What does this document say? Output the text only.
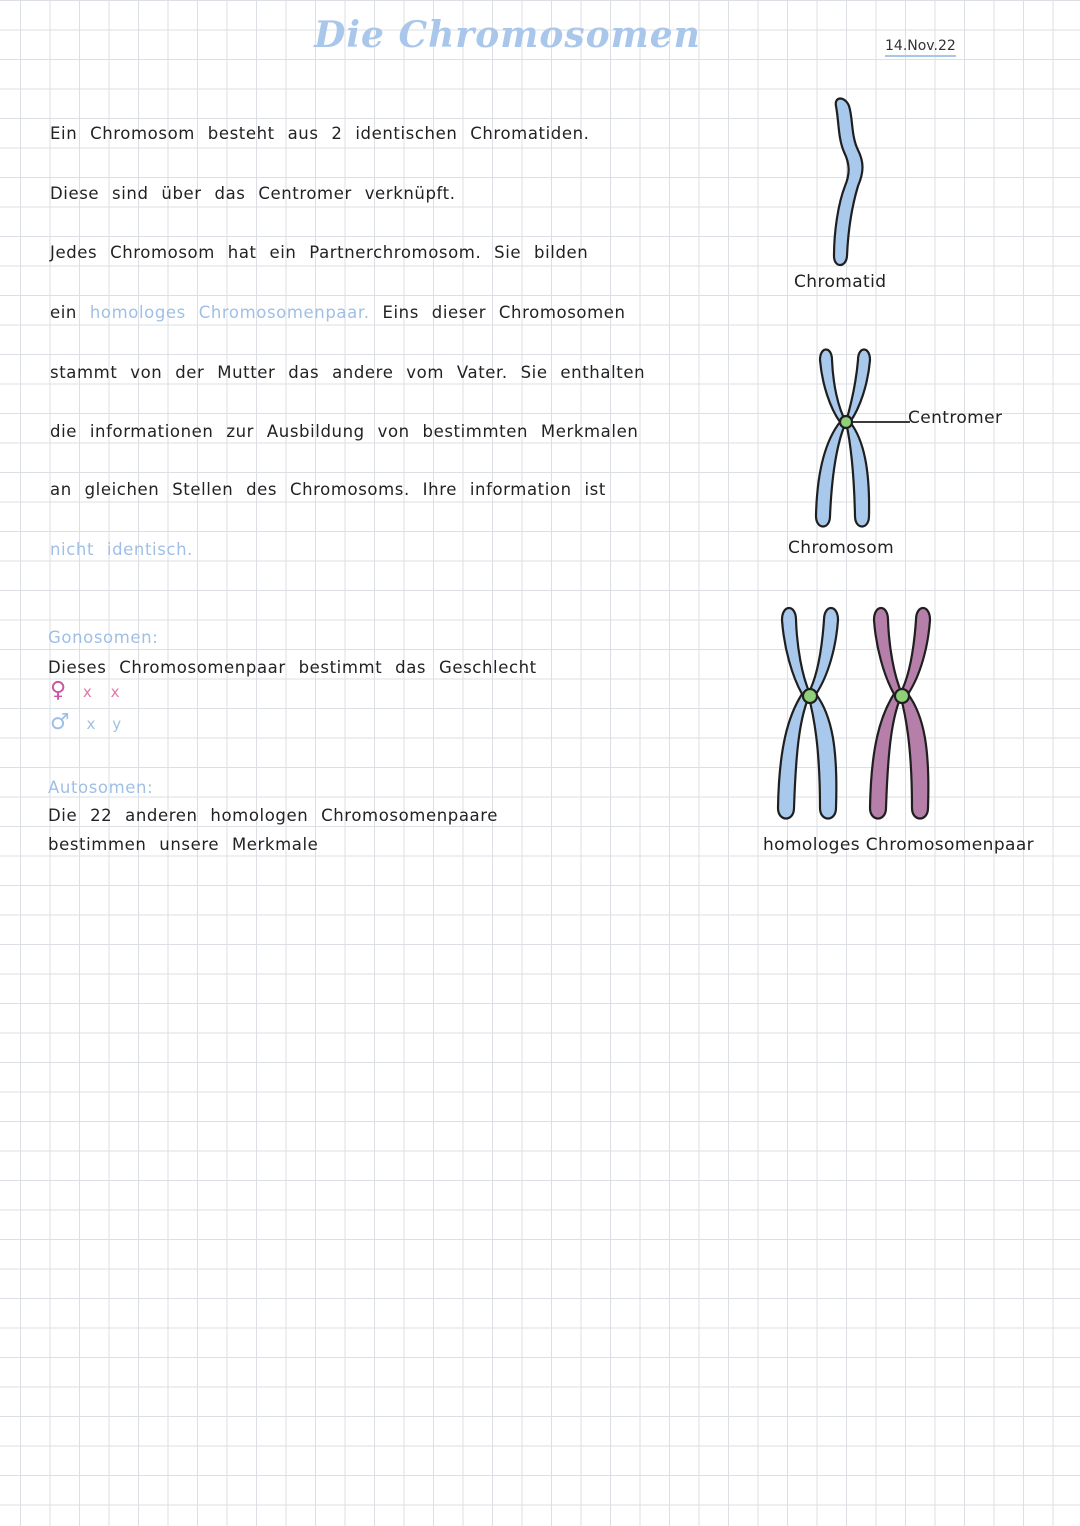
Die Chromosomen	14.Nov.22
Ein Chromosom besteht aus 2 identischen Chromatiden.
Diese sind über das Centromer verknüpft.
Jedes Chromosom hat ein Partnerchromosom. Sie bilden
ein homologes Chromosomenpaar. Eins dieser Chromosomen
stammt von der Mutter das andere vom Vater. Sie enthalten
die informationen zur Ausbildung von bestimmten Merkmalen
an gleichen Stellen des Chromosoms. Ihre information ist
nicht identisch.
Gonosomen:
Dieses Chromosomenpaar bestimmt das Geschlecht
♀ x x
♂ x y
Autosomen:
Die 22 anderen homologen Chromosomenpaare
bestimmen unsere Merkmale
Chromatid
Centromer
Chromosom
homologes Chromosomenpaar
